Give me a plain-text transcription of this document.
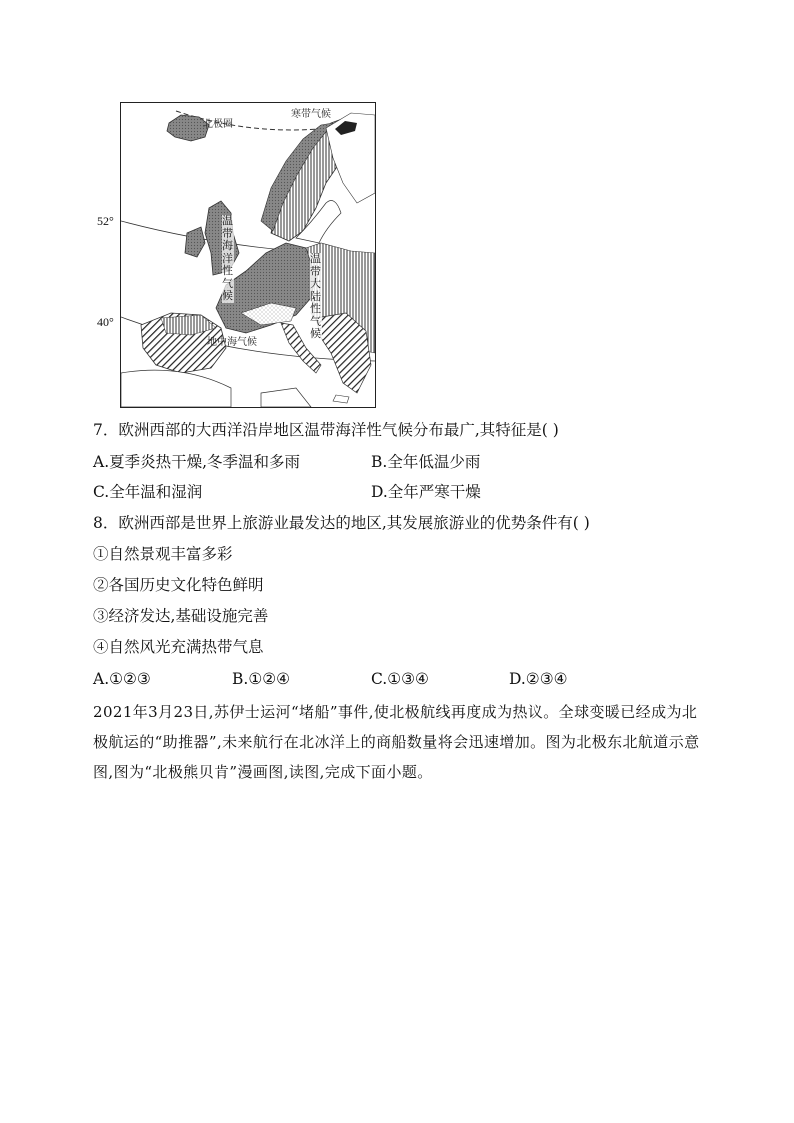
52°
40°
北极圈
寒带气候
地中海气候
温带海洋性气候
温带大陆性气候
7．欧洲西部的大西洋沿岸地区温带海洋性气候分布最广,其特征是( )
A.夏季炎热干燥,冬季温和多雨	B.全年低温少雨
C.全年温和湿润	D.全年严寒干燥
8．欧洲西部是世界上旅游业最发达的地区,其发展旅游业的优势条件有( )
①自然景观丰富多彩
②各国历史文化特色鲜明
③经济发达,基础设施完善
④自然风光充满热带气息
A.①②③	B.①②④	C.①③④	D.②③④
2021年3月23日,苏伊士运河“堵船”事件,使北极航线再度成为热议。全球变暖已经成为北极航运的“助推器”,未来航行在北冰洋上的商船数量将会迅速增加。图为北极东北航道示意图,图为“北极熊贝肯”漫画图,读图,完成下面小题。
